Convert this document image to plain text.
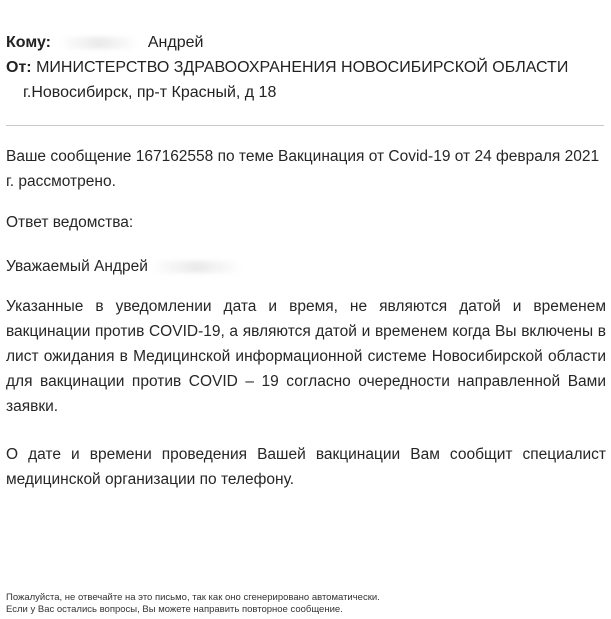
Кому:	Андрей
От: МИНИСТЕРСТВО ЗДРАВООХРАНЕНИЯ НОВОСИБИРСКОЙ ОБЛАСТИ
г.Новосибирск, пр-т Красный, д 18

Ваше сообщение 167162558 по теме Вакцинация от Covid-19 от 24 февраля 2021 г. рассмотрено.

Ответ ведомства:

Уважаемый Андрей

Указанные в уведомлении дата и время, не являются датой и временем вакцинации против COVID-19, а являются датой и временем когда Вы включены в лист ожидания в Медицинской информационной системе Новосибирской области для вакцинации против COVID – 19 согласно очередности направленной Вами заявки.

О дате и времени проведения Вашей вакцинации Вам сообщит специалист медицинской организации по телефону.

Пожалуйста, не отвечайте на это письмо, так как оно сгенерировано автоматически.
Если у Вас остались вопросы, Вы можете направить повторное сообщение.
